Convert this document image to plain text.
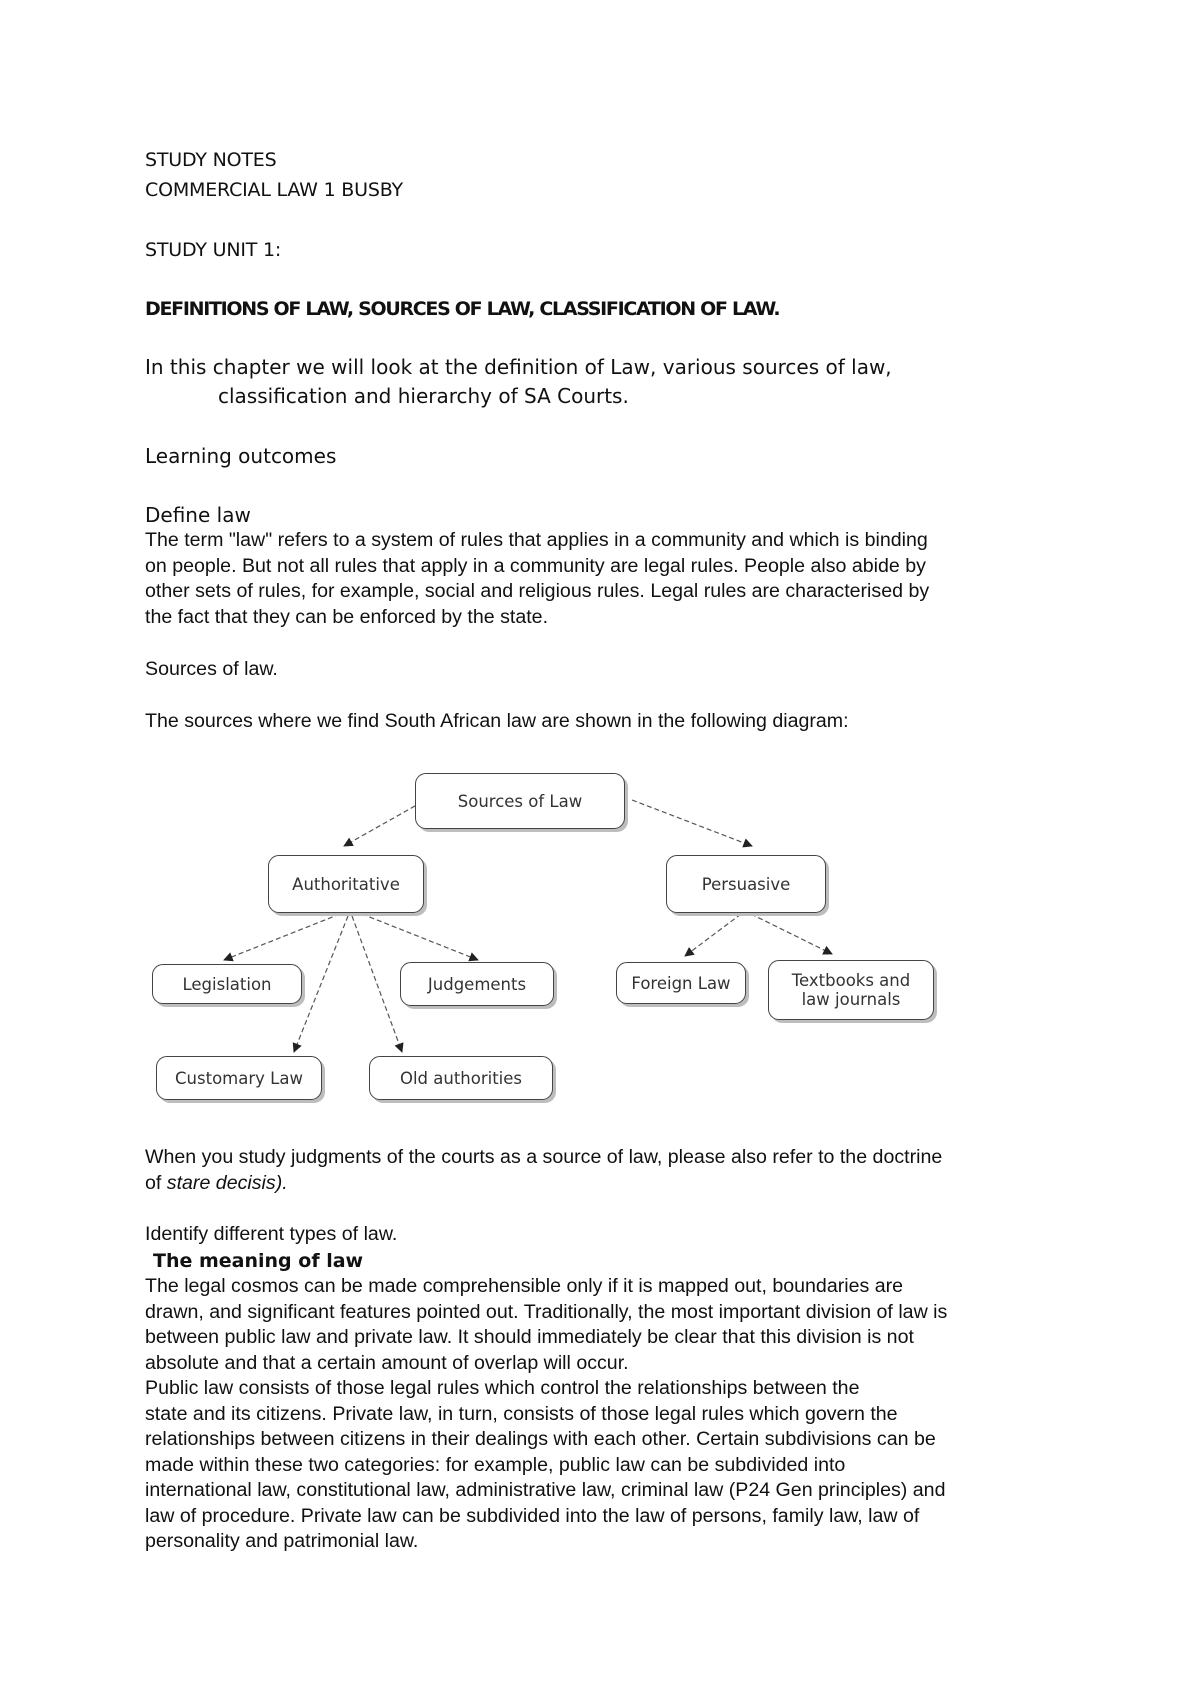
STUDY NOTES
COMMERCIAL LAW 1 BUSBY
STUDY UNIT 1:
DEFINITIONS OF LAW, SOURCES OF LAW, CLASSIFICATION OF LAW.
In this chapter we will look at the definition of Law, various sources of law,
classification and hierarchy of SA Courts.
Learning outcomes
Define law
The term "law" refers to a system of rules that applies in a community and which is binding
on people. But not all rules that apply in a community are legal rules. People also abide by
other sets of rules, for example, social and religious rules. Legal rules are characterised by
the fact that they can be enforced by the state.
Sources of law.
The sources where we find South African law are shown in the following diagram:
Sources of Law
Authoritative	Persuasive
Legislation	Judgements	Foreign Law	Textbooks and
law journals
Customary Law	Old authorities
When you study judgments of the courts as a source of law, please also refer to the doctrine
of stare decisis).
Identify different types of law.
The meaning of law
The legal cosmos can be made comprehensible only if it is mapped out, boundaries are
drawn, and significant features pointed out. Traditionally, the most important division of law is
between public law and private law. It should immediately be clear that this division is not
absolute and that a certain amount of overlap will occur.
Public law consists of those legal rules which control the relationships between the
state and its citizens. Private law, in turn, consists of those legal rules which govern the
relationships between citizens in their dealings with each other. Certain subdivisions can be
made within these two categories: for example, public law can be subdivided into
international law, constitutional law, administrative law, criminal law (P24 Gen principles) and
law of procedure. Private law can be subdivided into the law of persons, family law, law of
personality and patrimonial law.
